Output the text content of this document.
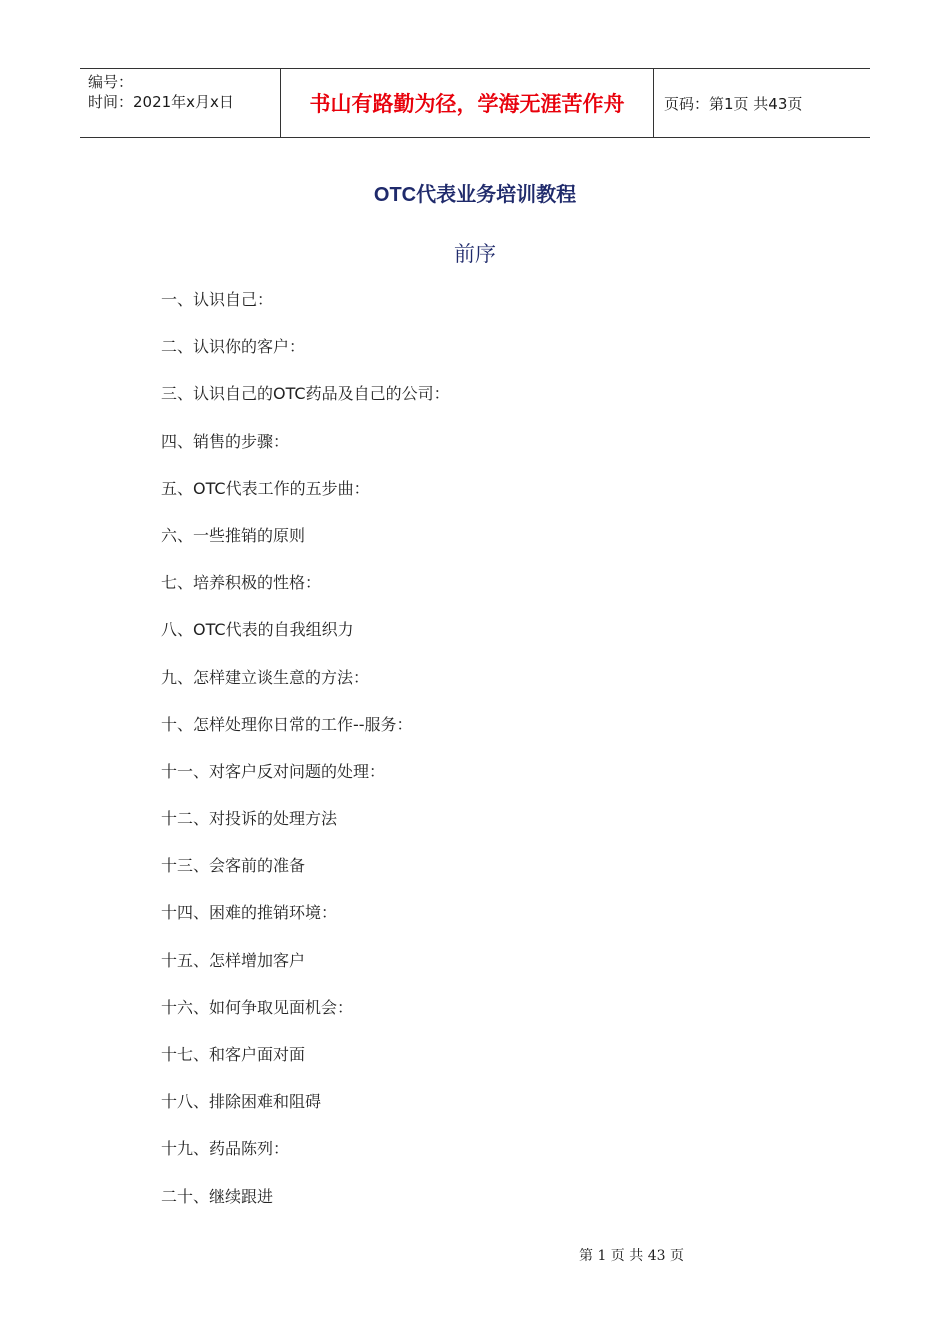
编号：
时间：2021年x月x日	书山有路勤为径，学海无涯苦作舟	页码：第1页 共43页
OTC代表业务培训教程
前序
一、认识自己：
二、认识你的客户：
三、认识自己的OTC药品及自己的公司：
四、销售的步骤：
五、OTC代表工作的五步曲：
六、一些推销的原则
七、培养积极的性格：
八、OTC代表的自我组织力
九、怎样建立谈生意的方法：
十、怎样处理你日常的工作--服务：
十一、对客户反对问题的处理：
十二、对投诉的处理方法
十三、会客前的准备
十四、困难的推销环境：
十五、怎样增加客户
十六、如何争取见面机会：
十七、和客户面对面
十八、排除困难和阻碍
十九、药品陈列：
二十、继续跟进
第 1 页 共 43 页
